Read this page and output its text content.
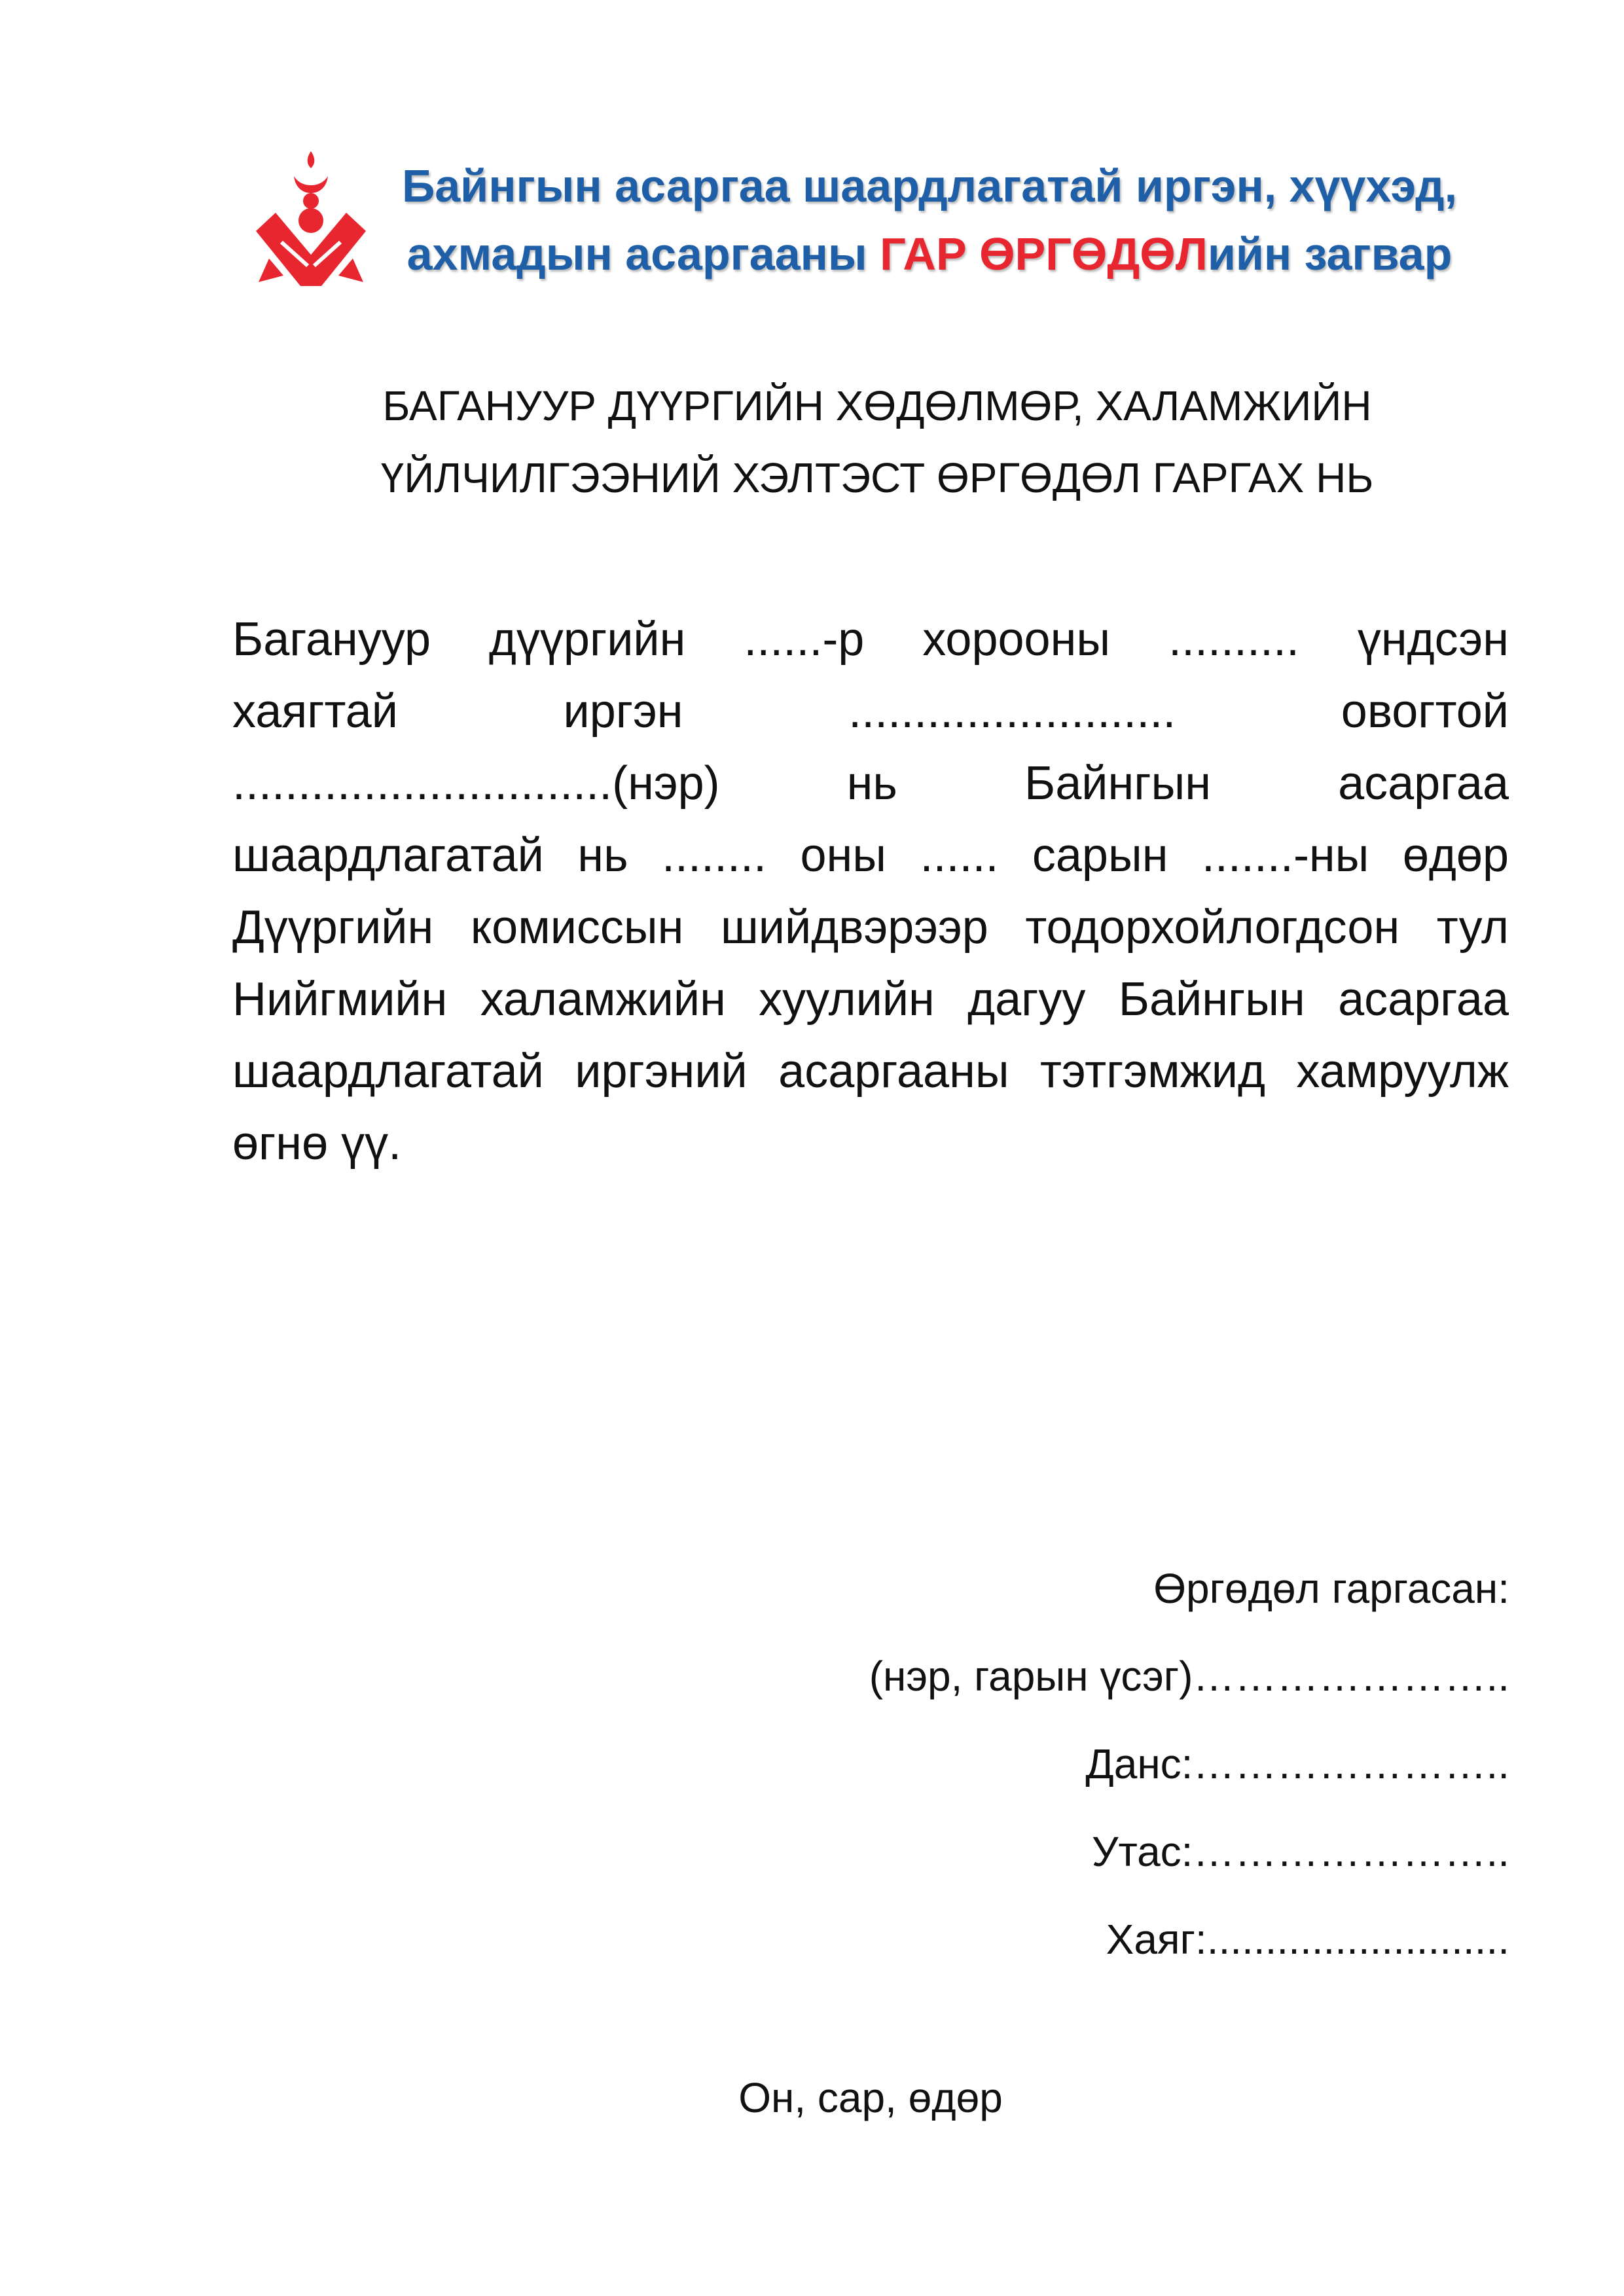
Байнгын асаргаа шаардлагатай иргэн, хүүхэд,
ахмадын асаргааны ГАР ӨРГӨДӨЛийн загвар
БАГАНУУР ДҮҮРГИЙН ХӨДӨЛМӨР, ХАЛАМЖИЙН
ҮЙЛЧИЛГЭЭНИЙ ХЭЛТЭСТ ӨРГӨДӨЛ ГАРГАХ НЬ
Багануур дүүргийн ......-р хорооны .......... үндсэн
хаягтай иргэн ......................... овогтой
.............................(нэр) нь Байнгын асаргаа
шаардлагатай нь ........ оны ...... сарын .......-ны өдөр
Дүүргийн комиссын шийдвэрээр тодорхойлогдсон тул
Нийгмийн халамжийн хуулийн дагуу Байнгын асаргаа
шаардлагатай иргэний асаргааны тэтгэмжид хамруулж
өгнө үү.
Өргөдөл гаргасан:
(нэр, гарын үсэг)…………………..
Данс:…………………..
Утас:…………………..
Хаяг:..........................
Он, сар, өдөр
